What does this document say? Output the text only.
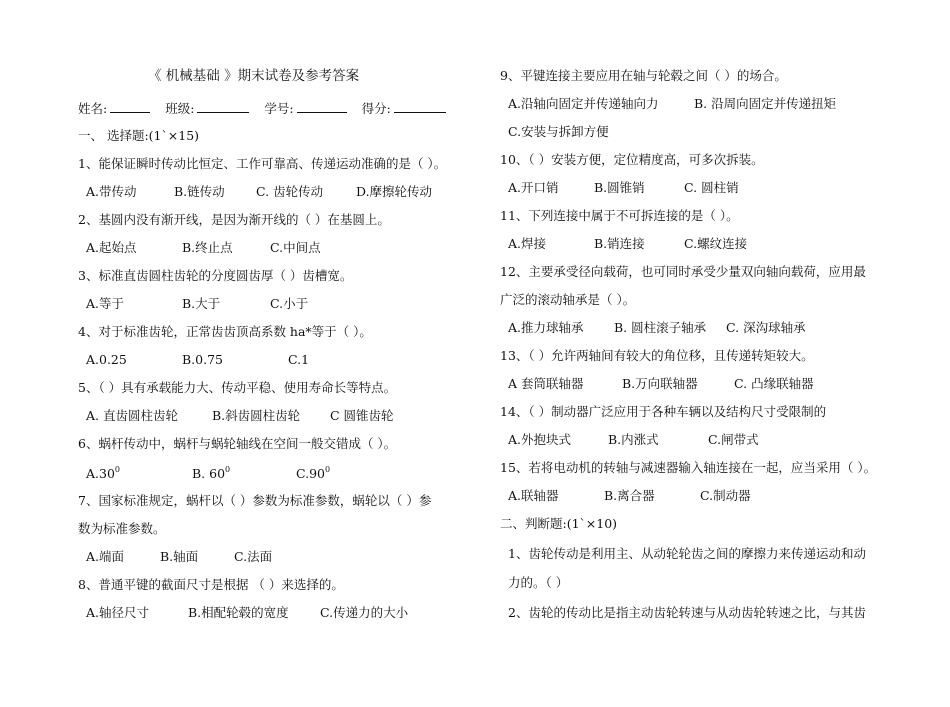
《 机械基础 》期末试卷及参考答案
姓名:	班级:	学号:	得分:
一、 选择题:(1`×15)
1、能保证瞬时传动比恒定、工作可靠高、传递运动准确的是（ ）。
A.带传动	B.链传动	C. 齿轮传动	D.摩擦轮传动
2、基圆内没有渐开线，是因为渐开线的（ ）在基圆上。
A.起始点	B.终止点	C.中间点
3、标准直齿圆柱齿轮的分度圆齿厚（ ）齿槽宽。
A.等于	B.大于	C.小于
4、对于标准齿轮，正常齿齿顶高系数 ha*等于（ ）。
A.0.25	B.0.75	C.1
5、（ ）具有承载能力大、传动平稳、使用寿命长等特点。
A. 直齿圆柱齿轮	B.斜齿圆柱齿轮 C 圆锥齿轮
6、蜗杆传动中，蜗杆与蜗轮轴线在空间一般交错成（ ）。
A.300	B. 600	C.900
7、国家标准规定，蜗杆以（ ）参数为标准参数，蜗轮以（ ）参
数为标准参数。
A.端面	B.轴面	C.法面
8、普通平键的截面尺寸是根据 （ ）来选择的。
A.轴径尺寸	B.相配轮毂的宽度	C.传递力的大小
9、平键连接主要应用在轴与轮毂之间（ ）的场合。
A.沿轴向固定并传递轴向力	B. 沿周向固定并传递扭矩
C.安装与拆卸方便
10、（ ）安装方便，定位精度高，可多次拆装。
A.开口销	B.圆锥销	C. 圆柱销
11、下列连接中属于不可拆连接的是（ ）。
A.焊接	B.销连接	C.螺纹连接
12、主要承受径向载荷，也可同时承受少量双向轴向载荷，应用最
广泛的滚动轴承是（ ）。
A.推力球轴承 B. 圆柱滚子轴承 C. 深沟球轴承
13、（ ）允许两轴间有较大的角位移，且传递转矩较大。
A 套筒联轴器	B.万向联轴器	C. 凸缘联轴器
14、（ ）制动器广泛应用于各种车辆以及结构尺寸受限制的
A.外抱块式	B.内涨式	C.闸带式
15、若将电动机的转轴与减速器输入轴连接在一起，应当采用（ ）。
A.联轴器	B.离合器	C.制动器
二、判断题:(1`×10)
1、齿轮传动是利用主、从动轮轮齿之间的摩擦力来传递运动和动
力的。（ ）
2、齿轮的传动比是指主动齿轮转速与从动齿轮转速之比，与其齿
